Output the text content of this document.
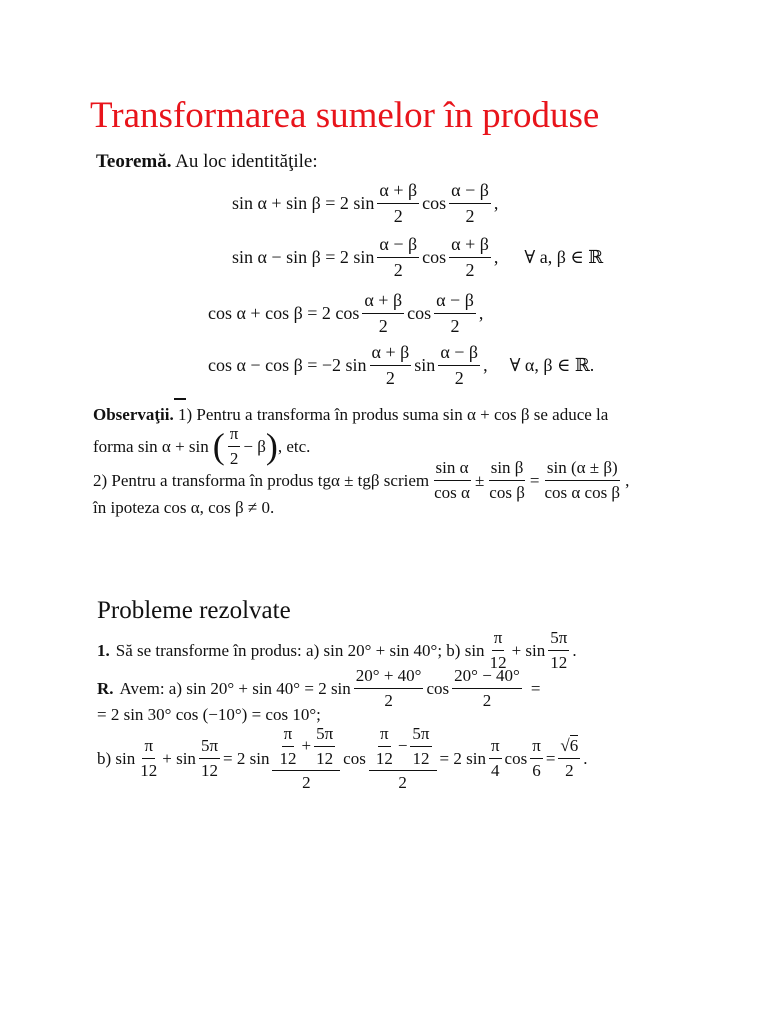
Transformarea sumelor în produse
Teoremă. Au loc identităţile:
sin α + sin β = 2 $\sin \frac{\alpha + \beta}{2}$ $\cos \frac{\alpha - \beta}{2}$ ,
sin α − sin β = 2 $\sin \frac{\alpha - \beta}{2}$ $\cos \frac{\alpha + \beta}{2}$ , ∀ a, β ∈ ℝ
cos α + cos β = 2 $\cos \frac{\alpha + \beta}{2}$ $\cos \frac{\alpha - \beta}{2}$ ,
cos α − cos β = −2 $\sin \frac{\alpha + \beta}{2}$ $\sin \frac{\alpha - \beta}{2}$ , ∀ α, β ∈ ℝ.
Observaţii. 1) Pentru a transforma în produs suma sin α + cos β se aduce la
forma sin α + sin ( $\frac{\pi}{2} - \beta$ ) , etc.
2) Pentru a transforma în produs tgα ± tgβ scriem $\frac{\text{sin α}}{\text{cos α}} \pm \frac{\text{sin β}}{\text{cos β}} = \frac{\sin (\alpha \pm \beta)}{\text{cos α cos β}}$ ,
în ipoteza cos α, cos β ≠ 0.
Probleme rezolvate
1. Să se transforme în produs: a) sin 20° + sin 40°; b) $\sin \frac{\pi}{12} + \sin \frac{5\pi}{12}$ .
R. Avem: a) sin 20° + sin 40° = 2 $\sin \frac{20^\circ + 40^\circ}{2}$ $\cos \frac{20^\circ - 40^\circ}{2}$ =
= 2 sin 30° cos (−10°) = cos 10°;
b) $\sin \frac{\pi}{12} + \sin \frac{5\pi}{12} = 2$ $\sin \frac{\frac{\pi}{12} + \frac{5\pi}{12}}{2}$ $\cos \frac{\frac{\pi}{12} - \frac{5\pi}{12}}{2} = 2$ $\sin \frac{\pi}{4}$ $\cos \frac{\pi}{6} = \frac{√6}{2}$ .
